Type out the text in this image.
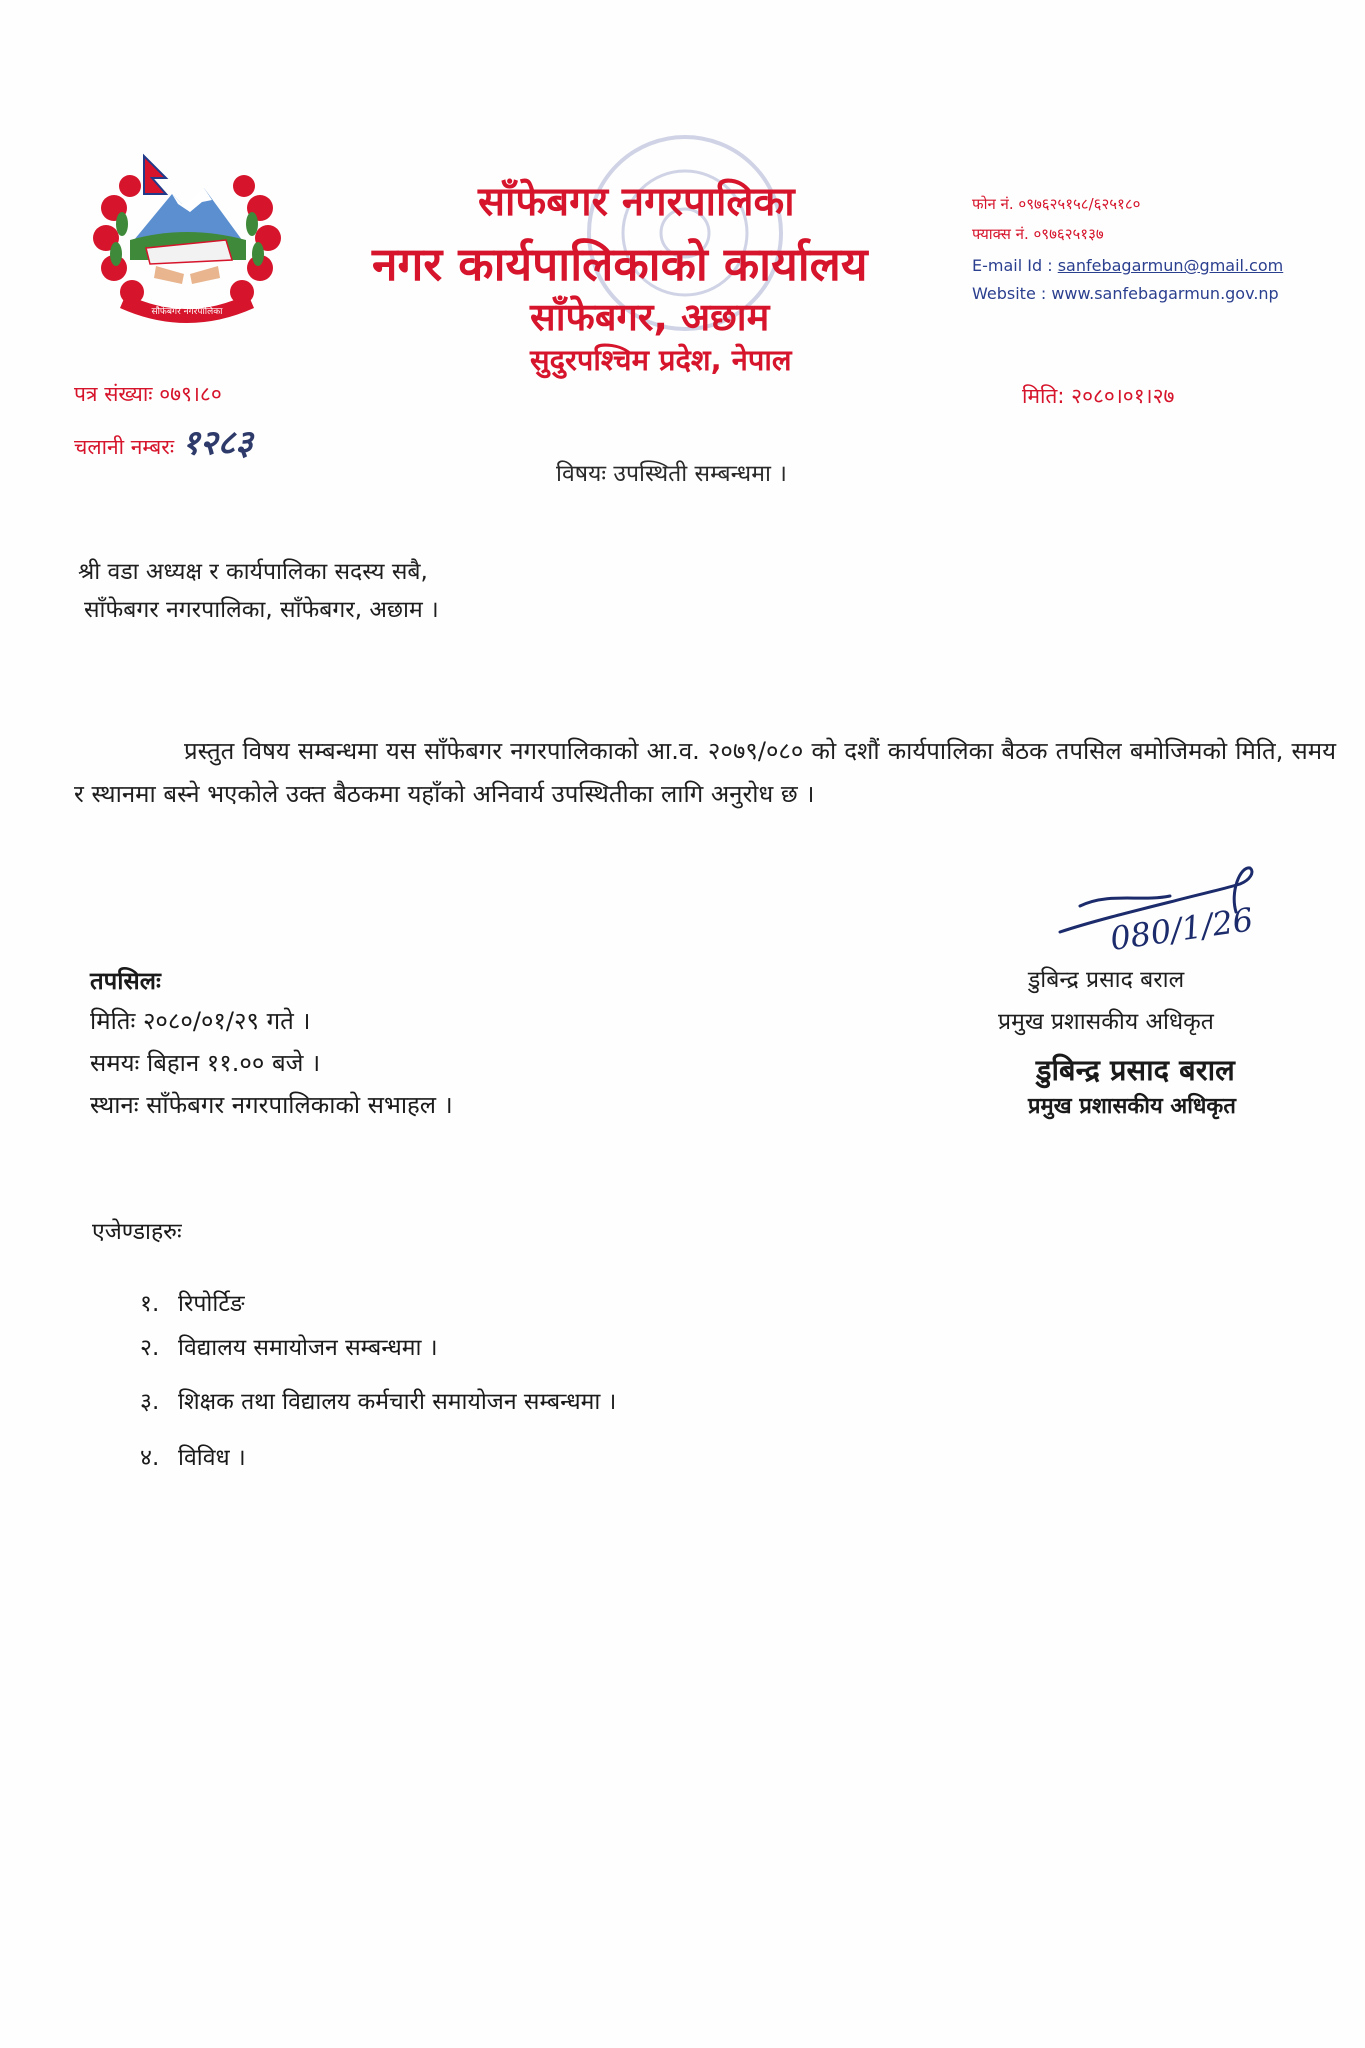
सौफेबगर नगरपालिका
साँफेबगर नगरपालिका
नगर कार्यपालिकाको कार्यालय
साँफेबगर, अछाम
सुदुरपश्चिम प्रदेश, नेपाल
फोन नं. ०९७६२५१५८/६२५१८०
फ्याक्स नं. ०९७६२५१३७
E-mail Id : sanfebagarmun@gmail.com
Website : www.sanfebagarmun.gov.np
पत्र संख्याः ०७९।८०
चलानी नम्बरः १२८३
मिति: २०८०।०१।२७
विषयः उपस्थिती सम्बन्धमा ।
श्री वडा अध्यक्ष र कार्यपालिका सदस्य सबै,
साँफेबगर नगरपालिका, साँफेबगर, अछाम ।
प्रस्तुत विषय सम्बन्धमा यस साँफेबगर नगरपालिकाको आ.व. २०७९/०८० को दशौं कार्यपालिका बैठक तपसिल बमोजिमको मिति, समय र स्थानमा बस्ने भएकोले उक्त बैठकमा यहाँको अनिवार्य उपस्थितीका लागि अनुरोध छ ।
080/1/26
डुबिन्द्र प्रसाद बराल
प्रमुख प्रशासकीय अधिकृत
डुबिन्द्र प्रसाद बराल
प्रमुख प्रशासकीय अधिकृत
तपसिलः
मितिः २०८०/०१/२९ गते ।
समयः बिहान ११.०० बजे ।
स्थानः साँफेबगर नगरपालिकाको सभाहल ।
एजेण्डाहरुः
१. रिपोर्टिङ
२. विद्यालय समायोजन सम्बन्धमा ।
३. शिक्षक तथा विद्यालय कर्मचारी समायोजन सम्बन्धमा ।
४. विविध ।
